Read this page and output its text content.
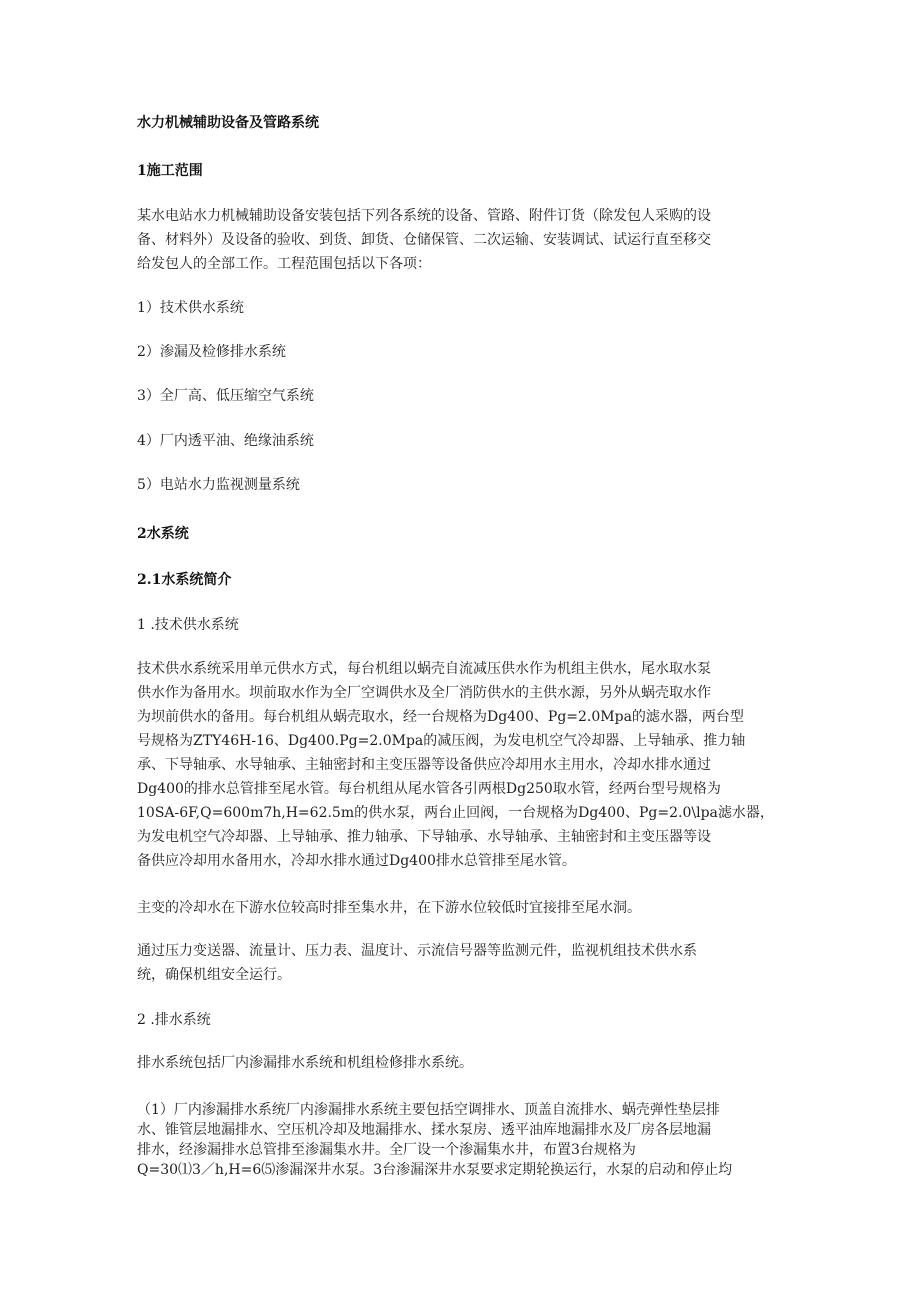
水力机械辅助设备及管路系统
1施工范围

某水电站水力机械辅助设备安装包括下列各系统的设备、管路、附件订货（除发包人采购的设
备、材料外）及设备的验收、到货、卸货、仓储保管、二次运输、安装调试、试运行直至移交
给发包人的全部工作。工程范围包括以下各项：

1）技术供水系统

2）渗漏及检修排水系统

3）全厂高、低压缩空气系统

4）厂内透平油、绝缘油系统

5）电站水力监视测量系统

2水系统
2.1水系统简介

1 .技术供水系统

技术供水系统采用单元供水方式，每台机组以蜗壳自流减压供水作为机组主供水，尾水取水泵
供水作为备用水。坝前取水作为全厂空调供水及全厂消防供水的主供水源，另外从蜗壳取水作
为坝前供水的备用。每台机组从蜗壳取水，经一台规格为Dg400、Pg=2.0Mpa的滤水器，两台型
号规格为ZTY46H-16、Dg400.Pg=2.0Mpa的减压阀，为发电机空气冷却器、上导轴承、推力轴
承、下导轴承、水导轴承、主轴密封和主变压器等设备供应冷却用水主用水，冷却水排水通过
Dg400的排水总管排至尾水管。每台机组从尾水管各引两根Dg250取水管，经两台型号规格为
10SA-6F,Q=600m7h,H=62.5m的供水泵，两台止回阀，一台规格为Dg400、Pg=2.0\lpa滤水器，
为发电机空气冷却器、上导轴承、推力轴承、下导轴承、水导轴承、主轴密封和主变压器等设
备供应冷却用水备用水，冷却水排水通过Dg400排水总管排至尾水管。

主变的冷却水在下游水位较高时排至集水井，在下游水位较低时宜接排至尾水洞。

通过压力变送器、流量计、压力表、温度计、示流信号器等监测元件，监视机组技术供水系
统，确保机组安全运行。

2 .排水系统

排水系统包括厂内渗漏排水系统和机组检修排水系统。

（1）厂内渗漏排水系统厂内渗漏排水系统主要包括空调排水、顶盖自流排水、蜗壳弹性垫层排
水、锥管层地漏排水、空压机冷却及地漏排水、揉水泵房、透平油库地漏排水及厂房各层地漏
排水，经渗漏排水总管排至渗漏集水井。全厂设一个渗漏集水井，布置3台规格为
Q=30⑴3／h,H=6⑸渗漏深井水泵。3台渗漏深井水泵要求定期轮换运行，水泵的启动和停止均
